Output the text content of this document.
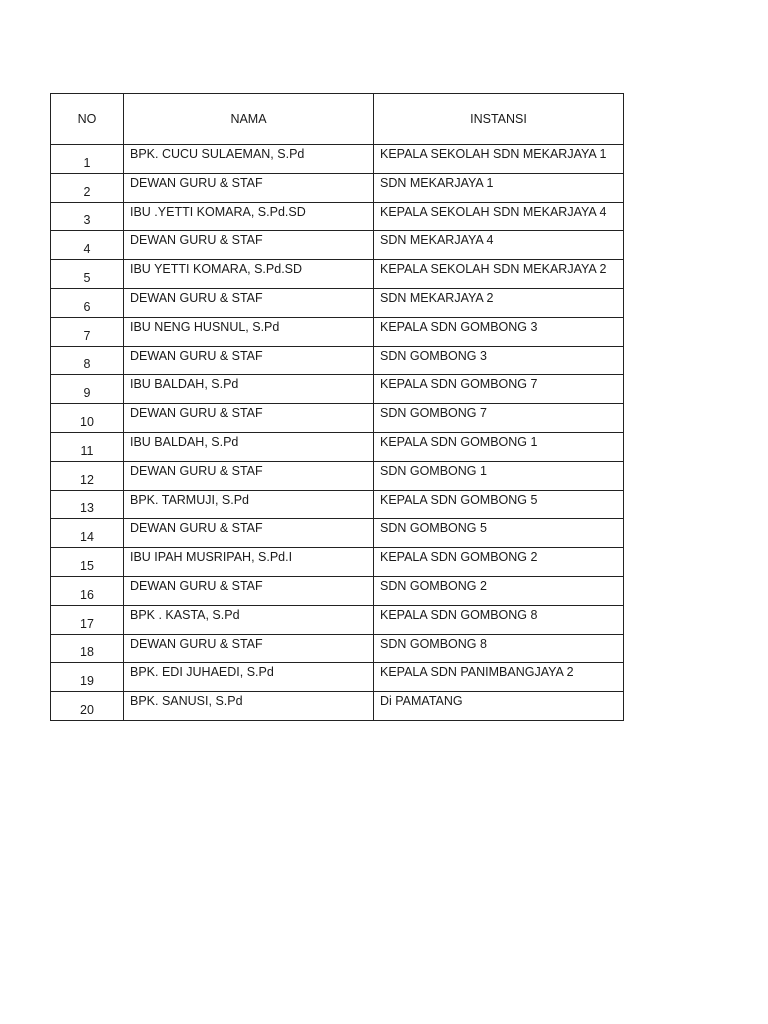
NO	NAMA	INSTANSI
1	BPK. CUCU SULAEMAN, S.Pd	KEPALA SEKOLAH SDN MEKARJAYA 1
2	DEWAN GURU & STAF	SDN MEKARJAYA 1
3	IBU .YETTI KOMARA, S.Pd.SD	KEPALA SEKOLAH SDN MEKARJAYA 4
4	DEWAN GURU & STAF	SDN MEKARJAYA 4
5	IBU YETTI KOMARA, S.Pd.SD	KEPALA SEKOLAH SDN MEKARJAYA 2
6	DEWAN GURU & STAF	SDN MEKARJAYA 2
7	IBU NENG HUSNUL, S.Pd	KEPALA SDN GOMBONG 3
8	DEWAN GURU & STAF	SDN GOMBONG 3
9	IBU BALDAH, S.Pd	KEPALA SDN GOMBONG 7
10	DEWAN GURU & STAF	SDN GOMBONG 7
11	IBU BALDAH, S.Pd	KEPALA SDN GOMBONG 1
12	DEWAN GURU & STAF	SDN GOMBONG 1
13	BPK. TARMUJI, S.Pd	KEPALA SDN GOMBONG 5
14	DEWAN GURU & STAF	SDN GOMBONG 5
15	IBU IPAH MUSRIPAH, S.Pd.I	KEPALA SDN GOMBONG 2
16	DEWAN GURU & STAF	SDN GOMBONG 2
17	BPK . KASTA, S.Pd	KEPALA SDN GOMBONG 8
18	DEWAN GURU & STAF	SDN GOMBONG 8
19	BPK. EDI JUHAEDI, S.Pd	KEPALA SDN PANIMBANGJAYA 2
20	BPK. SANUSI, S.Pd	Di PAMATANG
